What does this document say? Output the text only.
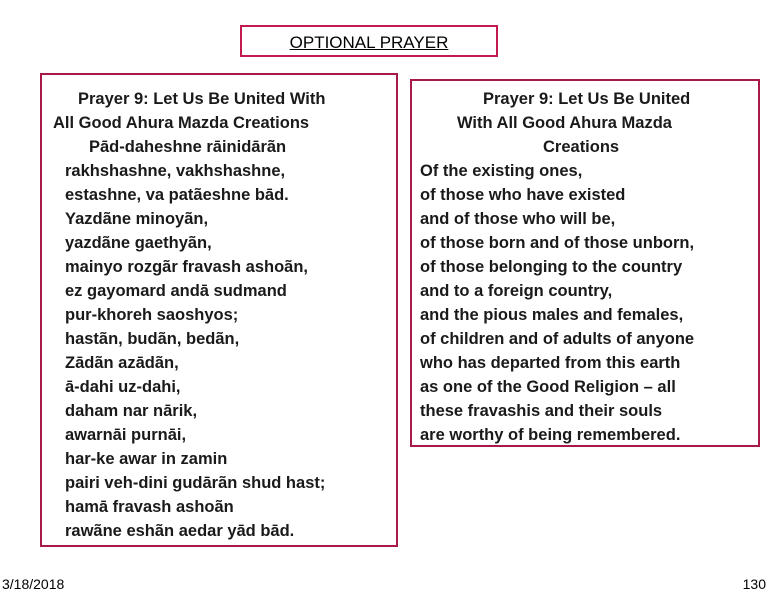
OPTIONAL PRAYER
Prayer 9: Let Us Be United With
All Good Ahura Mazda Creations
Pād-daheshne rāinidārãn
rakhshashne, vakhshashne,
estashne, va patãeshne bād.
Yazdãne minoyãn,
yazdãne gaethyãn,
mainyo rozgãr fravash ashoãn,
ez gayomard andā sudmand
pur-khoreh saoshyos;
hastãn, budãn, bedãn,
Zādãn azādãn,
ā-dahi uz-dahi,
daham nar nārik,
awarnāi purnāi,
har-ke awar in zamin
pairi veh-dini gudārãn shud hast;
hamā fravash ashoãn
rawãne eshãn aedar yād bād.
Prayer 9: Let Us Be United
With All Good Ahura Mazda
Creations
Of the existing ones,
of those who have existed
and of those who will be,
of those born and of those unborn,
of those belonging to the country
and to a foreign country,
and the pious males and females,
of children and of adults of anyone
who has departed from this earth
as one of the Good Religion – all
these fravashis and their souls
are worthy of being remembered.
3/18/2018	130
